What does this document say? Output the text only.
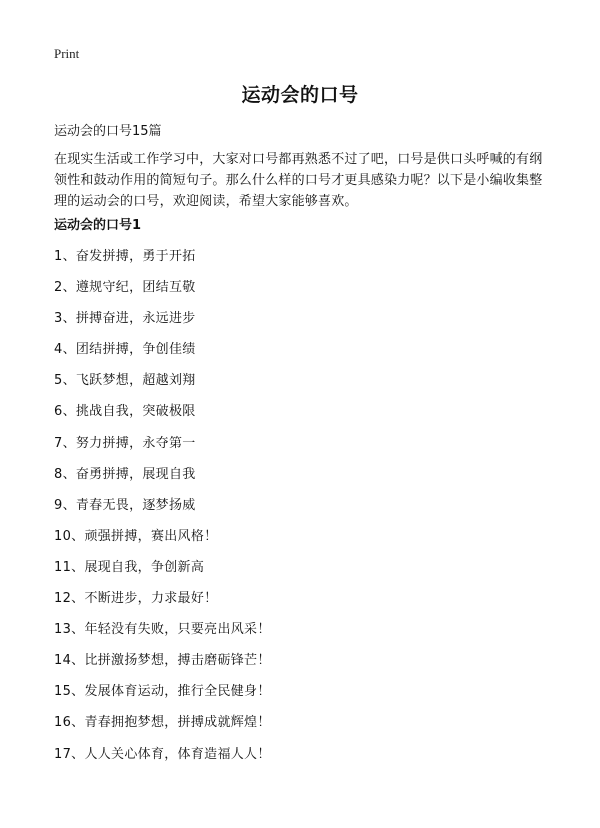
Print
运动会的口号

运动会的口号15篇

在现实生活或工作学习中，大家对口号都再熟悉不过了吧，口号是供口头呼喊的有纲领性和鼓动作用的简短句子。那么什么样的口号才更具感染力呢？以下是小编收集整理的运动会的口号，欢迎阅读，希望大家能够喜欢。

运动会的口号1
1、奋发拼搏，勇于开拓
2、遵规守纪，团结互敬
3、拼搏奋进，永远进步
4、团结拼搏，争创佳绩
5、飞跃梦想，超越刘翔
6、挑战自我，突破极限
7、努力拼搏，永夺第一
8、奋勇拼搏，展现自我
9、青春无畏，逐梦扬威
10、顽强拼搏，赛出风格！
11、展现自我，争创新高
12、不断进步，力求最好！
13、年轻没有失败，只要亮出风采！
14、比拼激扬梦想，搏击磨砺锋芒！
15、发展体育运动，推行全民健身！
16、青春拥抱梦想，拼搏成就辉煌！
17、人人关心体育，体育造福人人！
